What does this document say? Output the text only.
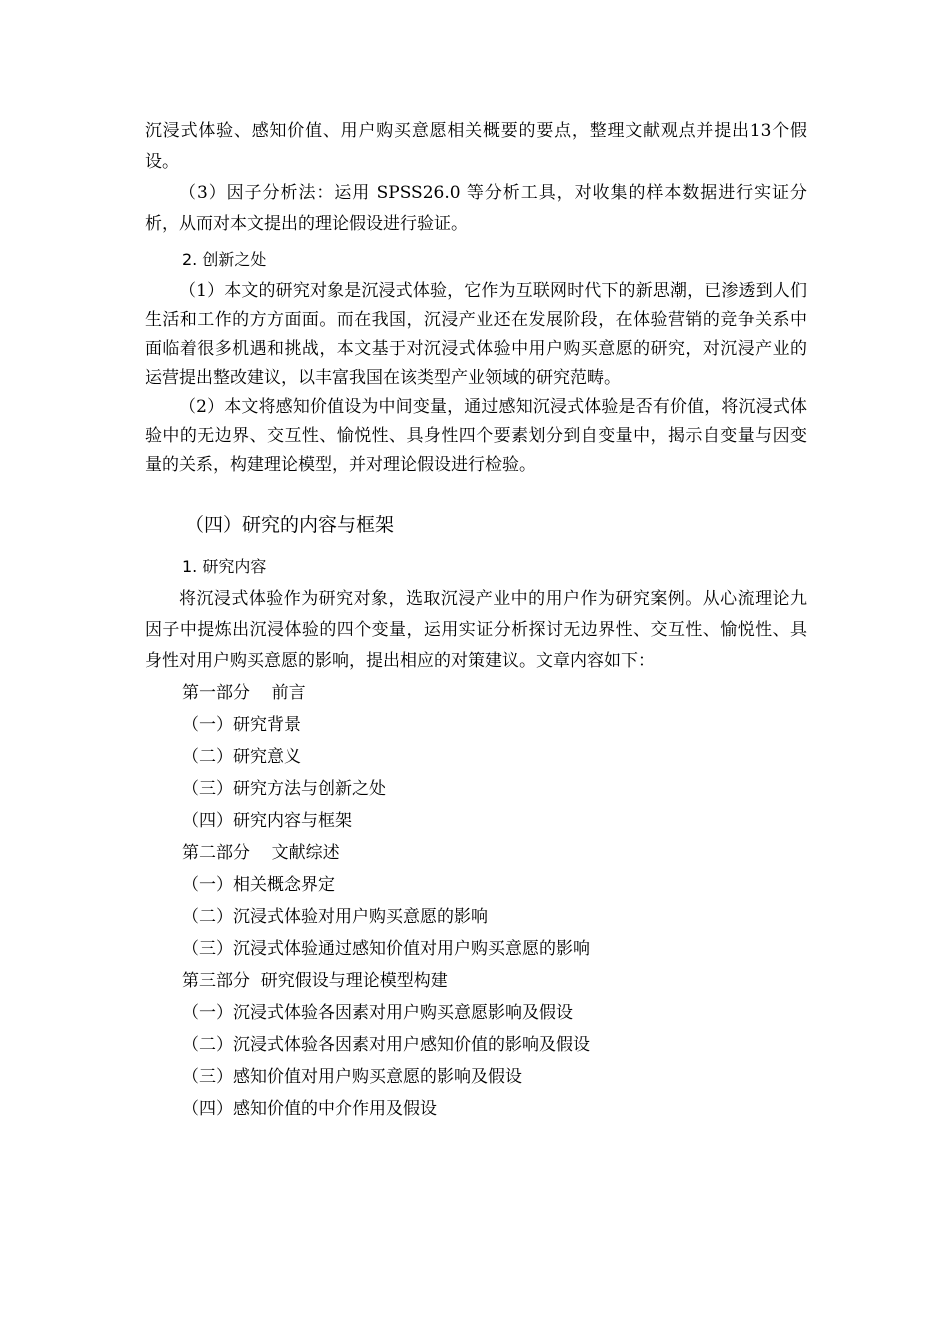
沉浸式体验、感知价值、用户购买意愿相关概要的要点，整理文献观点并提出13个假设。

（3）因子分析法：运用 SPSS26.0 等分析工具，对收集的样本数据进行实证分析，从而对本文提出的理论假设进行验证。

2. 创新之处

（1）本文的研究对象是沉浸式体验，它作为互联网时代下的新思潮，已渗透到人们生活和工作的方方面面。而在我国，沉浸产业还在发展阶段，在体验营销的竞争关系中面临着很多机遇和挑战，本文基于对沉浸式体验中用户购买意愿的研究，对沉浸产业的运营提出整改建议，以丰富我国在该类型产业领域的研究范畴。

（2）本文将感知价值设为中间变量，通过感知沉浸式体验是否有价值，将沉浸式体验中的无边界、交互性、愉悦性、具身性四个要素划分到自变量中，揭示自变量与因变量的关系，构建理论模型，并对理论假设进行检验。

（四）研究的内容与框架
1. 研究内容

将沉浸式体验作为研究对象，选取沉浸产业中的用户作为研究案例。从心流理论九因子中提炼出沉浸体验的四个变量，运用实证分析探讨无边界性、交互性、愉悦性、具身性对用户购买意愿的影响，提出相应的对策建议。文章内容如下：

第一部分    前言
（一）研究背景
（二）研究意义
（三）研究方法与创新之处
（四）研究内容与框架
第二部分    文献综述
（一）相关概念界定
（二）沉浸式体验对用户购买意愿的影响
（三）沉浸式体验通过感知价值对用户购买意愿的影响
第三部分  研究假设与理论模型构建
（一）沉浸式体验各因素对用户购买意愿影响及假设
（二）沉浸式体验各因素对用户感知价值的影响及假设
（三）感知价值对用户购买意愿的影响及假设
（四）感知价值的中介作用及假设
